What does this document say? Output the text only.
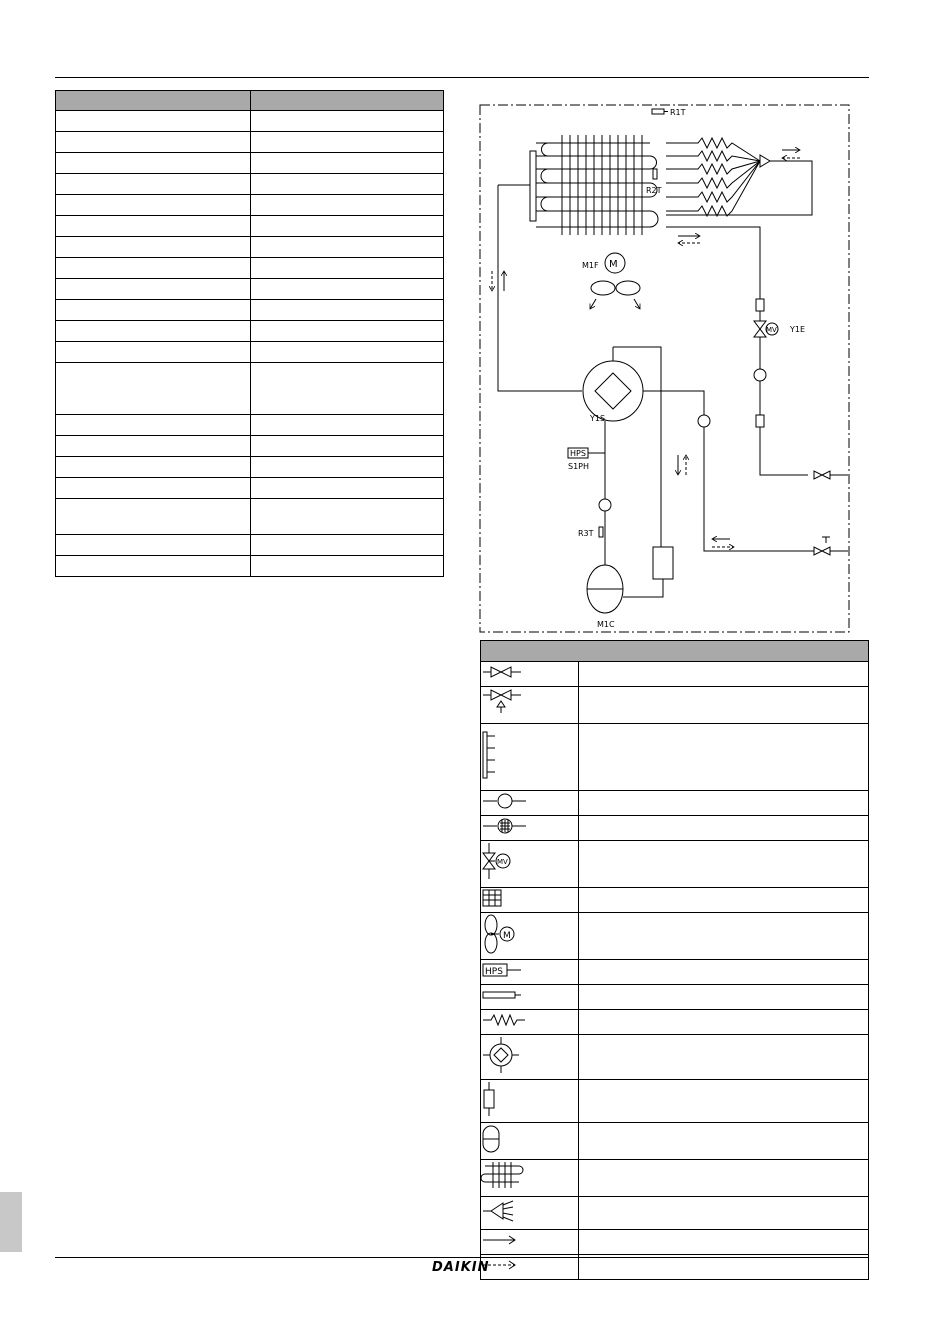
R1T
R2T
MV Y1E
M
M1F
Y1S
HPS
S1PH
R3T
M1C

MV	

M	

HPS	

DAIKIN
